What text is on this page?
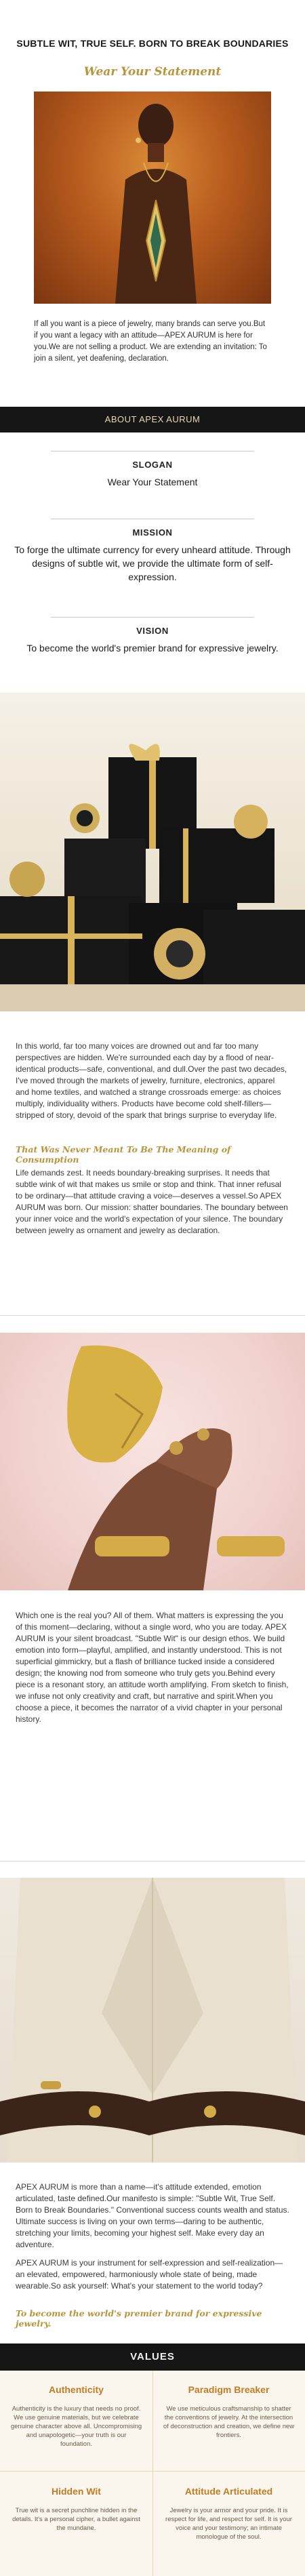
SUBTLE WIT, TRUE SELF. BORN TO BREAK BOUNDARIES
Wear Your Statement
If all you want is a piece of jewelry, many brands can serve you.But if you want a legacy with an attitude—APEX AURUM is here for you.We are not selling a product. We are extending an invitation: To join a silent, yet deafening, declaration.
ABOUT APEX AURUM
SLOGAN
Wear Your Statement
MISSION
To forge the ultimate currency for every unheard attitude. Through designs of subtle wit, we provide the ultimate form of self-expression.
VISION
To become the world's premier brand for expressive jewelry.
In this world, far too many voices are drowned out and far too many perspectives are hidden. We're surrounded each day by a flood of near-identical products—safe, conventional, and dull.Over the past two decades, I've moved through the markets of jewelry, furniture, electronics, apparel and home textiles, and watched a strange crossroads emerge: as choices multiply, individuality withers. Products have become cold shelf-fillers—stripped of story, devoid of the spark that brings surprise to everyday life.
That Was Never Meant To Be The Meaning of Consumption
Life demands zest. It needs boundary-breaking surprises. It needs that subtle wink of wit that makes us smile or stop and think. That inner refusal to be ordinary—that attitude craving a voice—deserves a vessel.So APEX AURUM was born. Our mission: shatter boundaries. The boundary between your inner voice and the world's expectation of your silence. The boundary between jewelry as ornament and jewelry as declaration.
Which one is the real you? All of them. What matters is expressing the you of this moment—declaring, without a single word, who you are today. APEX AURUM is your silent broadcast. "Subtle Wit" is our design ethos. We build emotion into form—playful, amplified, and instantly understood. This is not superficial gimmickry, but a flash of brilliance tucked inside a considered design; the knowing nod from someone who truly gets you.Behind every piece is a resonant story, an attitude worth amplifying. From sketch to finish, we infuse not only creativity and craft, but narrative and spirit.When you choose a piece, it becomes the narrator of a vivid chapter in your personal history.
APEX AURUM is more than a name—it's attitude extended, emotion articulated, taste defined.Our manifesto is simple: "Subtle Wit, True Self. Born to Break Boundaries." Conventional success counts wealth and status. Ultimate success is living on your own terms—daring to be authentic, stretching your limits, becoming your highest self. Make every day an adventure.
APEX AURUM is your instrument for self-expression and self-realization—an elevated, empowered, harmoniously whole state of being, made wearable.So ask yourself: What's your statement to the world today?
To become the world's premier brand for expressive jewelry.
VALUES
Authenticity
Authenticity is the luxury that needs no proof. We use genuine materials, but we celebrate genuine character above all. Uncompromising and unapologetic—your truth is our foundation.
Paradigm Breaker
We use meticulous craftsmanship to shatter the conventions of jewelry. At the intersection of deconstruction and creation, we define new frontiers.
Hidden Wit
True wit is a secret punchline hidden in the details. It's a personal cipher, a bullet against the mundane.
Attitude Articulated
Jewelry is your armor and your pride. It is respect for life, and respect for self. It is your voice and your testimony; an intimate monologue of the soul.
